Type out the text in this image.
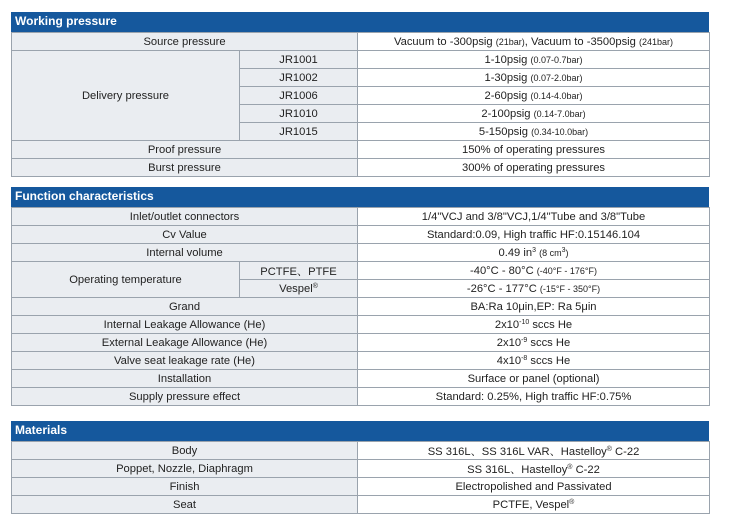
Working pressure
Source pressure		Vacuum to -300psig (21bar), Vacuum to -3500psig (241bar)
Delivery pressure	JR1001	1-10psig (0.07-0.7bar)
	JR1002	1-30psig (0.07-2.0bar)
	JR1006	2-60psig (0.14-4.0bar)
	JR1010	2-100psig (0.14-7.0bar)
	JR1015	5-150psig (0.34-10.0bar)
Proof pressure		150% of operating pressures
Burst pressure		300% of operating pressures
Function characteristics
Inlet/outlet connectors		1/4"VCJ and 3/8"VCJ,1/4"Tube and 3/8"Tube
Cv Value		Standard:0.09, High traffic HF:0.15146.104
Internal volume		0.49 $in^3$ (8 $cm^3$)
Operating temperature	PCTFE、PTFE	-40°C - 80°C (-40°F - 176°F)
	Vespel®	-26°C - 177°C (-15°F - 350°F)
Grand		BA:Ra 10μin,EP: Ra 5μin
Internal Leakage Allowance (He)		$2x10^{-10}$ sccs He
External Leakage Allowance (He)		$2x10^{-9}$ sccs He
Valve seat leakage rate (He)		$4x10^{-8}$ sccs He
Installation		Surface or panel (optional)
Supply pressure effect		Standard: 0.25%, High traffic HF:0.75%
Materials
Body	SS 316L、SS 316L VAR、Hastelloy® C-22
Poppet, Nozzle, Diaphragm	SS 316L、Hastelloy® C-22
Finish	Electropolished and Passivated
Seat	PCTFE, Vespel®
